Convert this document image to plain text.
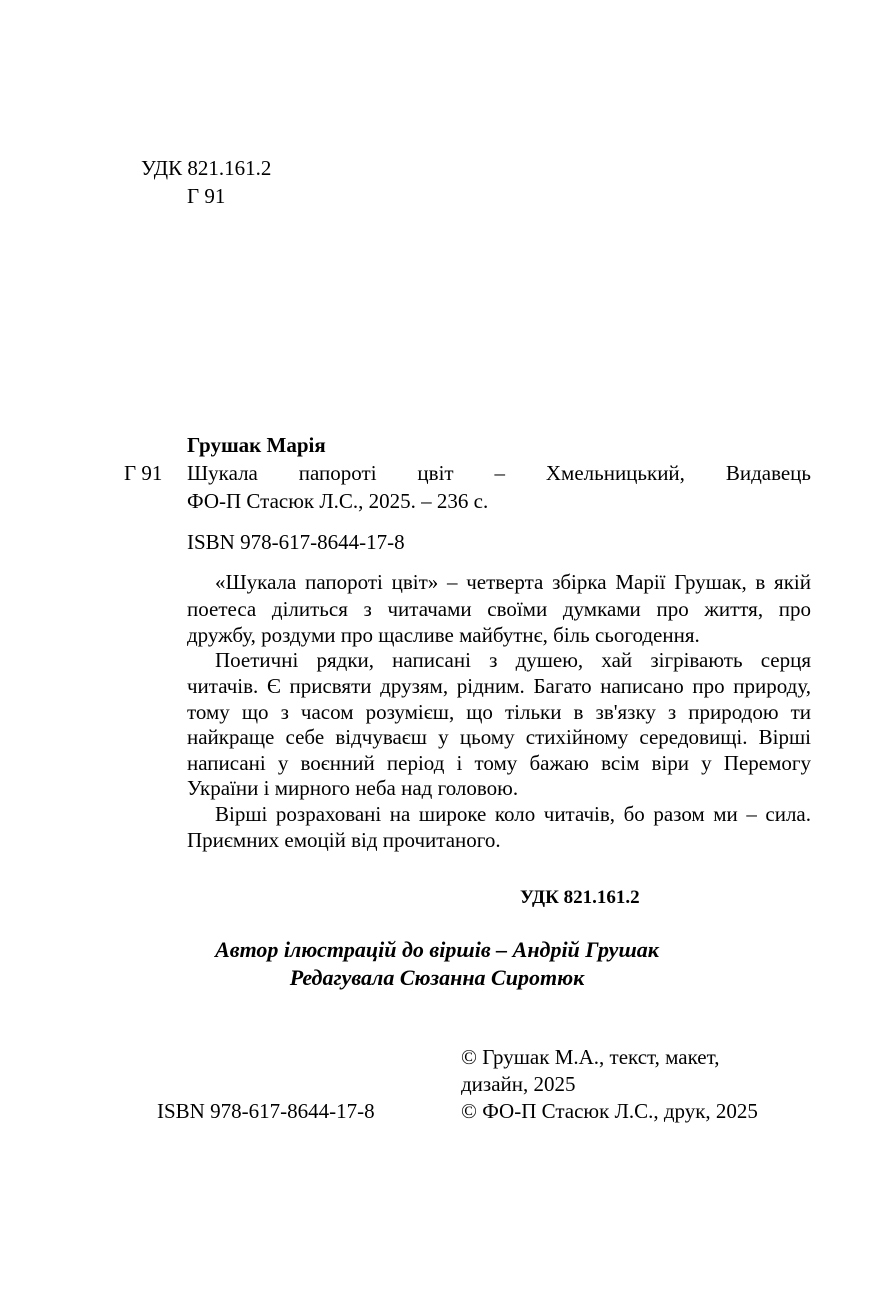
УДК 821.161.2
Г 91
Грушак Марія
Г 91 Шукала папороті цвіт – Хмельницький, Видавець
ФО-П Стасюк Л.С., 2025. – 236 с.
ISBN 978-617-8644-17-8
«Шукала папороті цвіт» – четверта збірка Марії Грушак, в якій
поетеса ділиться з читачами своїми думками про життя, про
дружбу, роздуми про щасливе майбутнє, біль сьогодення.
Поетичні рядки, написані з душею, хай зігрівають серця
читачів. Є присвяти друзям, рідним. Багато написано про природу,
тому що з часом розумієш, що тільки в зв'язку з природою ти
найкраще себе відчуваєш у цьому стихійному середовищі. Вірші
написані у воєнний період і тому бажаю всім віри у Перемогу
України і мирного неба над головою.
Вірші розраховані на широке коло читачів, бо разом ми – сила.
Приємних емоцій від прочитаного.
УДК 821.161.2
Автор ілюстрацій до віршів – Андрій Грушак
Редагувала Сюзанна Сиротюк
© Грушак М.А., текст, макет,
дизайн, 2025
© ФО-П Стасюк Л.С., друк, 2025
ISBN 978-617-8644-17-8
